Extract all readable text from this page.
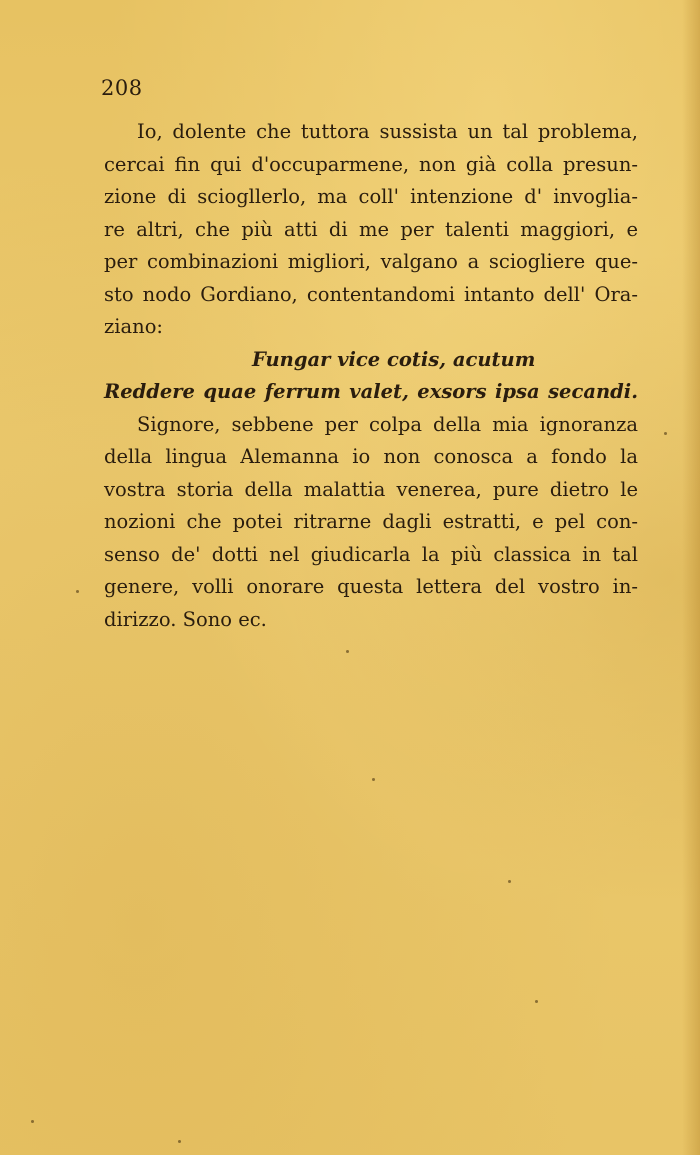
208
Io, dolente che tuttora sussista un tal problema,
cercai fin qui d'occuparmene, non già colla presun-
zione di sciogllerlo, ma coll' intenzione d' invoglia-
re altri, che più atti di me per talenti maggiori, e
per combinazioni migliori, valgano a sciogliere que-
sto nodo Gordiano, contentandomi intanto dell' Ora-
ziano:
Fungar vice cotis, acutum
Reddere quae ferrum valet, exsors ipsa secandi.
Signore, sebbene per colpa della mia ignoranza
della lingua Alemanna io non conosca a fondo la
vostra storia della malattia venerea, pure dietro le
nozioni che potei ritrarne dagli estratti, e pel con-
senso de' dotti nel giudicarla la più classica in tal
genere, volli onorare questa lettera del vostro in-
dirizzo. Sono ec.
